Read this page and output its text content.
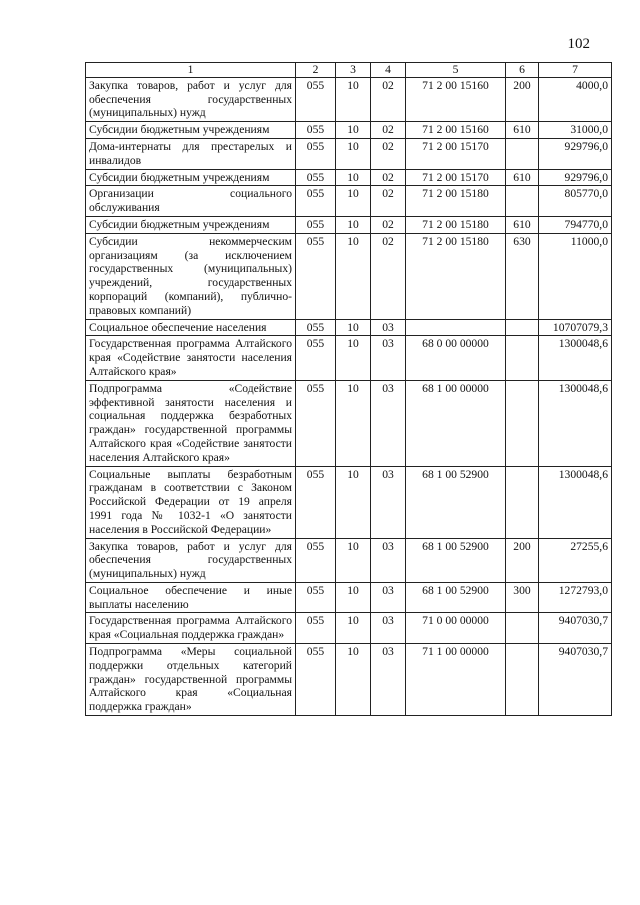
102
1	2	3	4	5	6	7
Закупка товаров, работ и услуг для обеспечения государственных (муниципальных) нужд	055	10	02	71 2 00 15160	200	4000,0
Субсидии бюджетным учреждениям	055	10	02	71 2 00 15160	610	31000,0
Дома-интернаты для престарелых и инвалидов	055	10	02	71 2 00 15170		929796,0
Субсидии бюджетным учреждениям	055	10	02	71 2 00 15170	610	929796,0
Организации социального обслуживания	055	10	02	71 2 00 15180		805770,0
Субсидии бюджетным учреждениям	055	10	02	71 2 00 15180	610	794770,0
Субсидии некоммерческим организациям (за исключением государственных (муниципальных) учреждений, государственных корпораций (компаний), публично-правовых компаний)	055	10	02	71 2 00 15180	630	11000,0
Социальное обеспечение населения	055	10	03			10707079,3
Государственная программа Алтайского края «Содействие занятости населения Алтайского края»	055	10	03	68 0 00 00000		1300048,6
Подпрограмма «Содействие эффективной занятости населения и социальная поддержка безработных граждан» государственной программы Алтайского края «Содействие занятости населения Алтайского края»	055	10	03	68 1 00 00000		1300048,6
Социальные выплаты безработным гражданам в соответствии с Законом Российской Федерации от 19 апреля 1991 года № 1032-1 «О занятости населения в Российской Федерации»	055	10	03	68 1 00 52900		1300048,6
Закупка товаров, работ и услуг для обеспечения государственных (муниципальных) нужд	055	10	03	68 1 00 52900	200	27255,6
Социальное обеспечение и иные выплаты населению	055	10	03	68 1 00 52900	300	1272793,0
Государственная программа Алтайского края «Социальная поддержка граждан»	055	10	03	71 0 00 00000		9407030,7
Подпрограмма «Меры социальной поддержки отдельных категорий граждан» государственной программы Алтайского края «Социальная поддержка граждан»	055	10	03	71 1 00 00000		9407030,7
